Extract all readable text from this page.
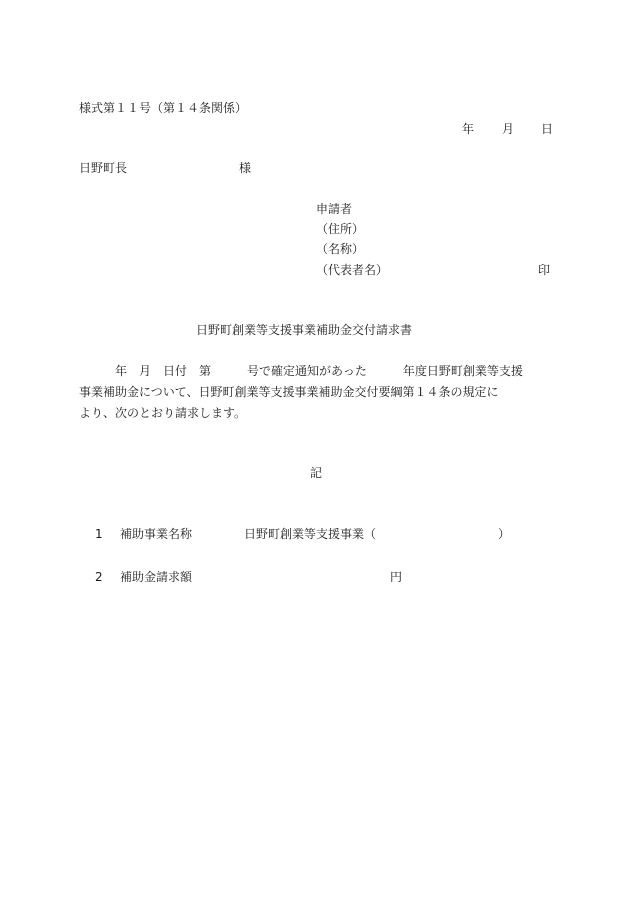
様式第１１号（第１４条関係）
年 月 日
日野町長	様
申請者
（住所）
（名称）
（代表者名）	印
日野町創業等支援事業補助金交付請求書
　　　年　月　日付　第　　　号で確定通知があった　　　年度日野町創業等支援
事業補助金について、日野町創業等支援事業補助金交付要綱第１４条の規定に
より、次のとおり請求します。
記
1 補助事業名称	日野町創業等支援事業（	）
2 補助金請求額	円
